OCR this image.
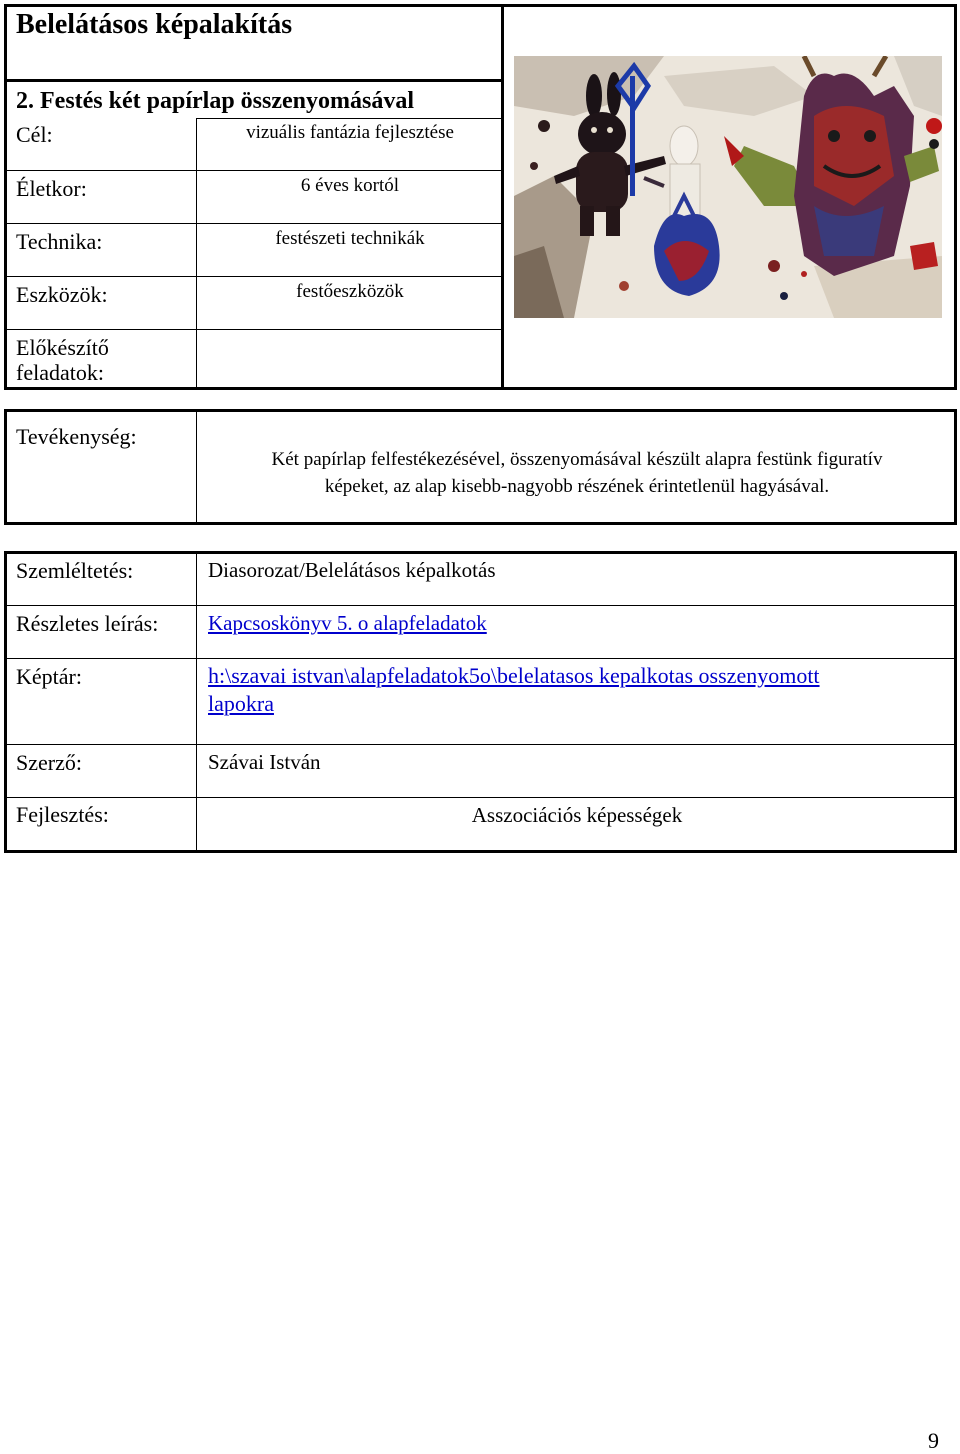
Belelátásos képalakítás
2. Festés két papírlap összenyomásával
Cél:	vizuális fantázia fejlesztése
Életkor:	6 éves kortól
Technika:	festészeti technikák
Eszközök:	festőeszközök
Előkészítő feladatok:
Tevékenység:
Két papírlap felfestékezésével, összenyomásával készült alapra festünk figuratív
képeket, az alap kisebb-nagyobb részének érintetlenül hagyásával.
Szemléltetés:	Diasorozat/Belelátásos képalkotás
Részletes leírás: Kapcsoskönyv 5. o alapfeladatok
Képtár:	h:\szavai istvan\alapfeladatok5o\belelatasos kepalkotas osszenyomott
lapokra
Szerző:	Szávai István
Fejlesztés:	Asszociációs képességek
9
